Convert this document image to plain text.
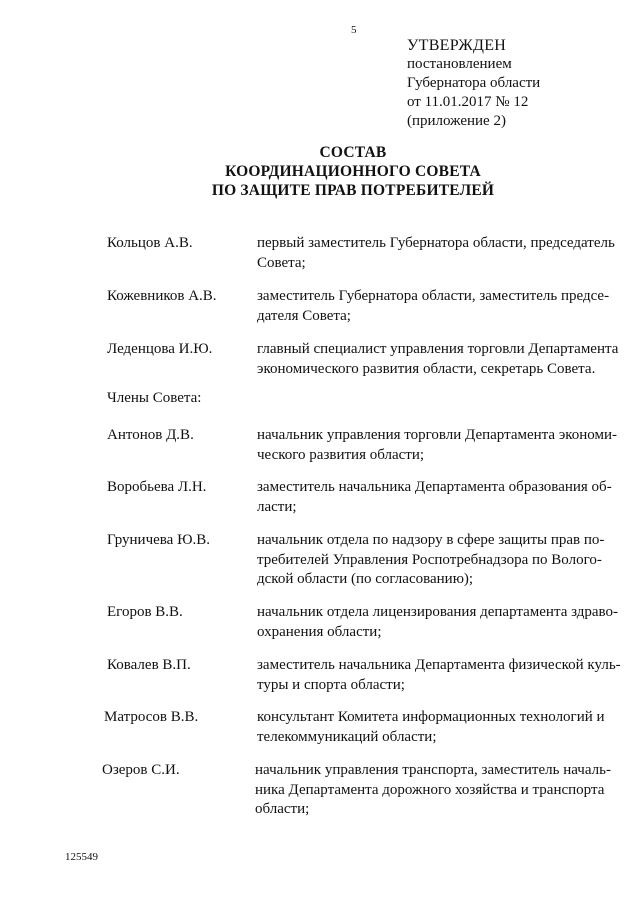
5
УТВЕРЖДЕН
постановлением
Губернатора области
от 11.01.2017 № 12
(приложение 2)
СОСТАВ
КООРДИНАЦИОННОГО СОВЕТА
ПО ЗАЩИТЕ ПРАВ ПОТРЕБИТЕЛЕЙ
Кольцов А.В.	первый заместитель Губернатора области, председатель
Совета;
Кожевников А.В.	заместитель Губернатора области, заместитель предсе-
дателя Совета;
Леденцова И.Ю.	главный специалист управления торговли Департамента
экономического развития области, секретарь Совета.
Члены Совета:
Антонов Д.В.	начальник управления торговли Департамента экономи-
ческого развития области;
Воробьева Л.Н.	заместитель начальника Департамента образования об-
ласти;
Груничева Ю.В.	начальник отдела по надзору в сфере защиты прав по-
требителей Управления Роспотребнадзора по Волого-
дской области (по согласованию);
Егоров В.В.	начальник отдела лицензирования департамента здраво-
охранения области;
Ковалев В.П.	заместитель начальника Департамента физической куль-
туры и спорта области;
Матросов В.В.	консультант Комитета информационных технологий и
телекоммуникаций области;
Озеров С.И.	начальник управления транспорта, заместитель началь-
ника Департамента дорожного хозяйства и транспорта
области;
125549
